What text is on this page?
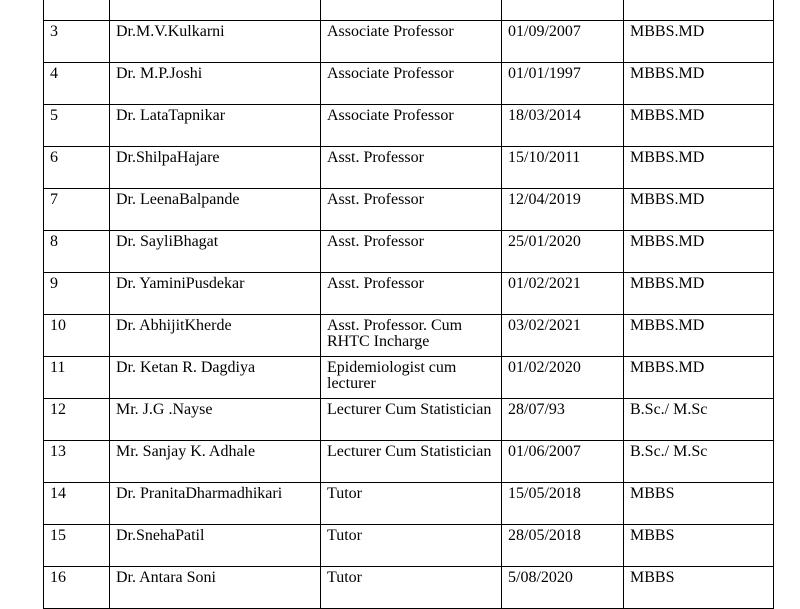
3	Dr.M.V.Kulkarni	Associate Professor	01/09/2007	MBBS.MD
4	Dr. M.P.Joshi	Associate Professor	01/01/1997	MBBS.MD
5	Dr. LataTapnikar	Associate Professor	18/03/2014	MBBS.MD
6	Dr.ShilpaHajare	Asst. Professor	15/10/2011	MBBS.MD
7	Dr. LeenaBalpande	Asst. Professor	12/04/2019	MBBS.MD
8	Dr. SayliBhagat	Asst. Professor	25/01/2020	MBBS.MD
9	Dr. YaminiPusdekar	Asst. Professor	01/02/2021	MBBS.MD
10	Dr. AbhijitKherde	Asst. Professor. Cum RHTC Incharge	03/02/2021	MBBS.MD
11	Dr. Ketan R. Dagdiya	Epidemiologist cum lecturer	01/02/2020	MBBS.MD
12	Mr. J.G .Nayse	Lecturer Cum Statistician	28/07/93	B.Sc./ M.Sc
13	Mr. Sanjay K. Adhale	Lecturer Cum Statistician	01/06/2007	B.Sc./ M.Sc
14	Dr. PranitaDharmadhikari	Tutor	15/05/2018	MBBS
15	Dr.SnehaPatil	Tutor	28/05/2018	MBBS
16	Dr. Antara Soni	Tutor	5/08/2020	MBBS
